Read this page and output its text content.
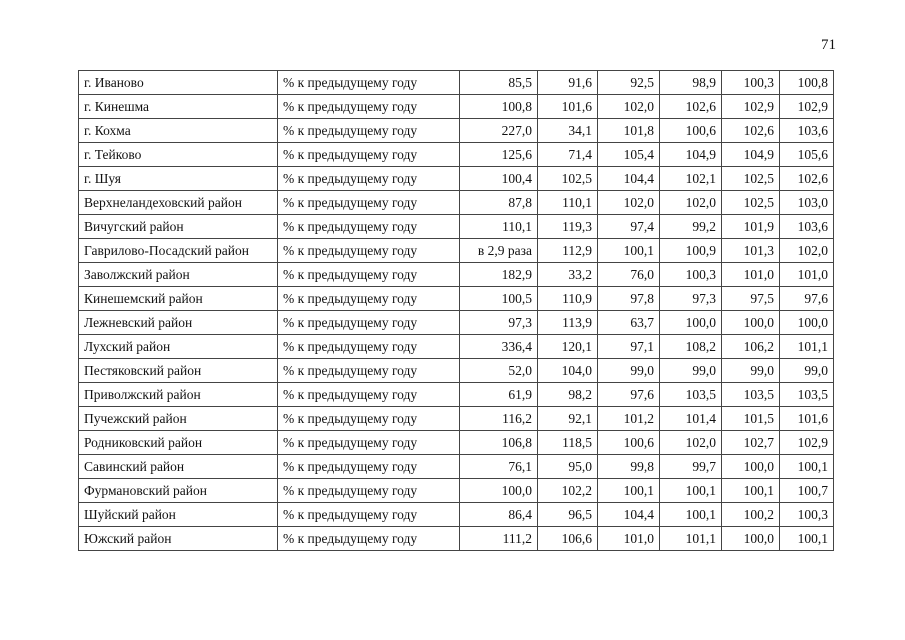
71
г. Иваново	% к предыдущему году	85,5	91,6	92,5	98,9	100,3	100,8
г. Кинешма	% к предыдущему году	100,8	101,6	102,0	102,6	102,9	102,9
г. Кохма	% к предыдущему году	227,0	34,1	101,8	100,6	102,6	103,6
г. Тейково	% к предыдущему году	125,6	71,4	105,4	104,9	104,9	105,6
г. Шуя	% к предыдущему году	100,4	102,5	104,4	102,1	102,5	102,6
Верхнеландеховский район	% к предыдущему году	87,8	110,1	102,0	102,0	102,5	103,0
Вичугский район	% к предыдущему году	110,1	119,3	97,4	99,2	101,9	103,6
Гаврилово-Посадский район	% к предыдущему году	в 2,9 раза	112,9	100,1	100,9	101,3	102,0
Заволжский район	% к предыдущему году	182,9	33,2	76,0	100,3	101,0	101,0
Кинешемский район	% к предыдущему году	100,5	110,9	97,8	97,3	97,5	97,6
Лежневский район	% к предыдущему году	97,3	113,9	63,7	100,0	100,0	100,0
Лухский район	% к предыдущему году	336,4	120,1	97,1	108,2	106,2	101,1
Пестяковский район	% к предыдущему году	52,0	104,0	99,0	99,0	99,0	99,0
Приволжский район	% к предыдущему году	61,9	98,2	97,6	103,5	103,5	103,5
Пучежский район	% к предыдущему году	116,2	92,1	101,2	101,4	101,5	101,6
Родниковский район	% к предыдущему году	106,8	118,5	100,6	102,0	102,7	102,9
Савинский район	% к предыдущему году	76,1	95,0	99,8	99,7	100,0	100,1
Фурмановский район	% к предыдущему году	100,0	102,2	100,1	100,1	100,1	100,7
Шуйский район	% к предыдущему году	86,4	96,5	104,4	100,1	100,2	100,3
Южский район	% к предыдущему году	111,2	106,6	101,0	101,1	100,0	100,1
